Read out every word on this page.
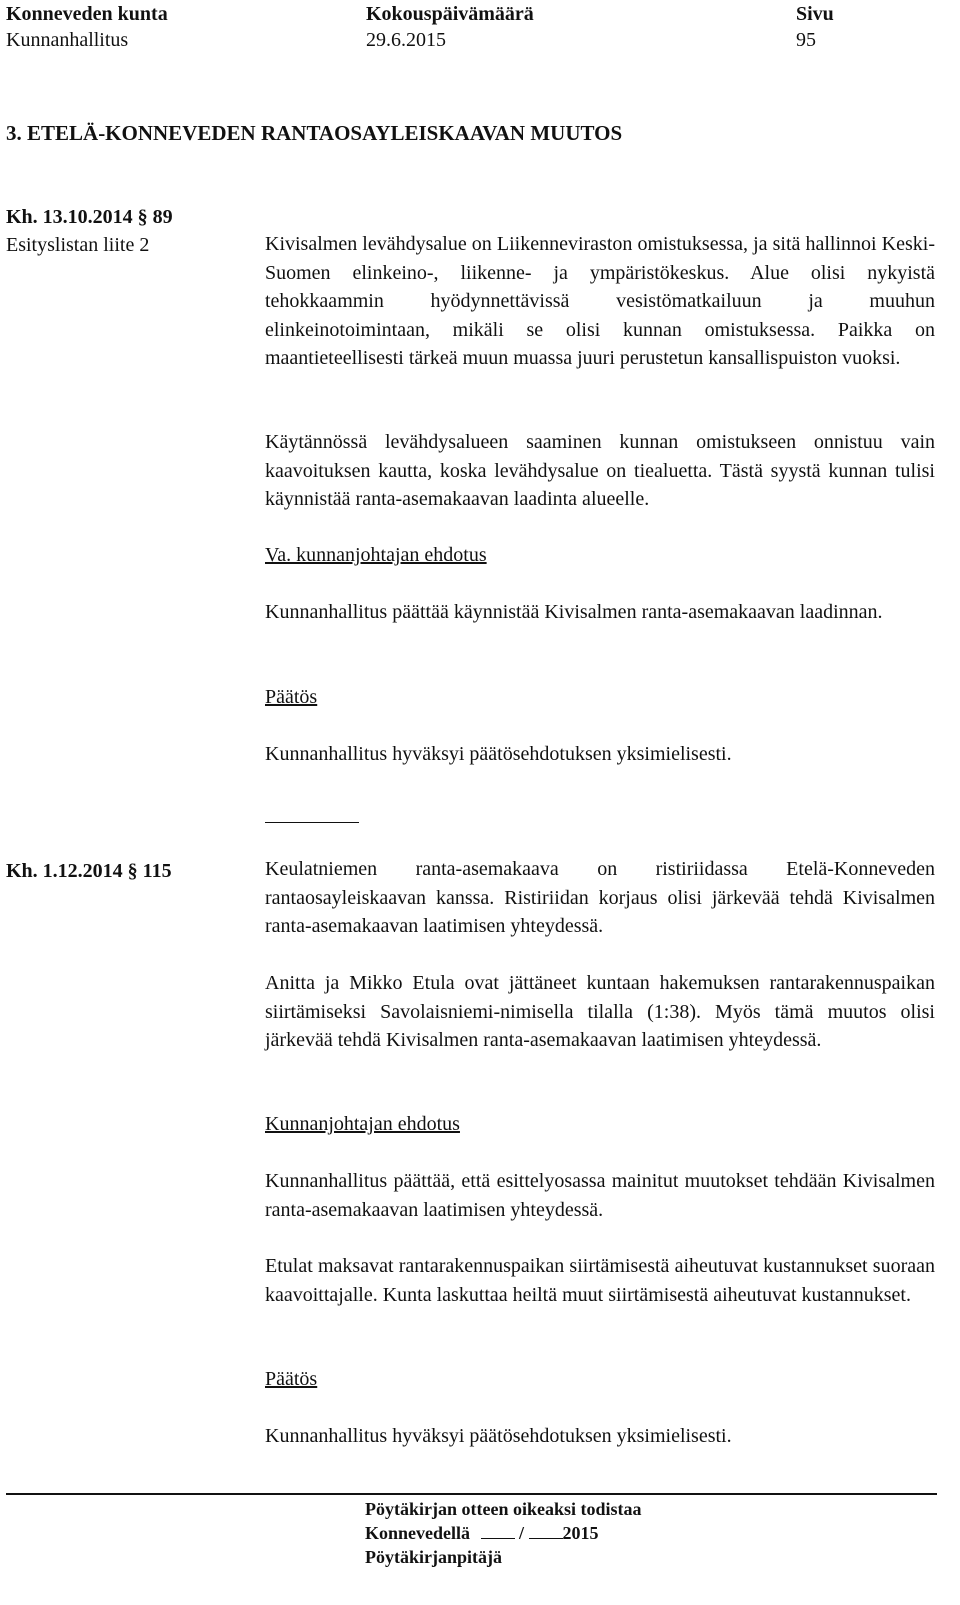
Konneveden kunta	Kokouspäivämäärä	Sivu
Kunnanhallitus	29.6.2015	95
3. ETELÄ-KONNEVEDEN RANTAOSAYLEISKAAVAN MUUTOS
Kh. 13.10.2014 § 89
Esityslistan liite 2	Kivisalmen levähdysalue on Liikenneviraston omistuksessa, ja sitä hallinnoi Keski-Suomen elinkeino-, liikenne- ja ympäristökeskus. Alue olisi nykyistä tehokkaammin hyödynnettävissä vesistömatkailuun ja muuhun elinkeinotoimintaan, mikäli se olisi kunnan omistuksessa. Paikka on maantieteellisesti tärkeä muun muassa juuri perustetun kansallispuiston vuoksi.
Käytännössä levähdysalueen saaminen kunnan omistukseen onnistuu vain kaavoituksen kautta, koska levähdysalue on tiealuetta. Tästä syystä kunnan tulisi käynnistää ranta-asemakaavan laadinta alueelle.
Va. kunnanjohtajan ehdotus
Kunnanhallitus päättää käynnistää Kivisalmen ranta-asemakaavan laadinnan.
Päätös
Kunnanhallitus hyväksyi päätösehdotuksen yksimielisesti.
Kh. 1.12.2014 § 115	Keulatniemen ranta-asemakaava on ristiriidassa Etelä-Konneveden rantaosayleiskaavan kanssa. Ristiriidan korjaus olisi järkevää tehdä Kivisalmen ranta-asemakaavan laatimisen yhteydessä.
Anitta ja Mikko Etula ovat jättäneet kuntaan hakemuksen rantarakennuspaikan siirtämiseksi Savolaisniemi-nimisella tilalla (1:38). Myös tämä muutos olisi järkevää tehdä Kivisalmen ranta-asemakaavan laatimisen yhteydessä.
Kunnanjohtajan ehdotus
Kunnanhallitus päättää, että esittelyosassa mainitut muutokset tehdään Kivisalmen ranta-asemakaavan laatimisen yhteydessä.
Etulat maksavat rantarakennuspaikan siirtämisestä aiheutuvat kustannukset suoraan kaavoittajalle. Kunta laskuttaa heiltä muut siirtämisestä aiheutuvat kustannukset.
Päätös
Kunnanhallitus hyväksyi päätösehdotuksen yksimielisesti.
Pöytäkirjan otteen oikeaksi todistaa
Konnevedellä	/ 2015
Pöytäkirjanpitäjä
